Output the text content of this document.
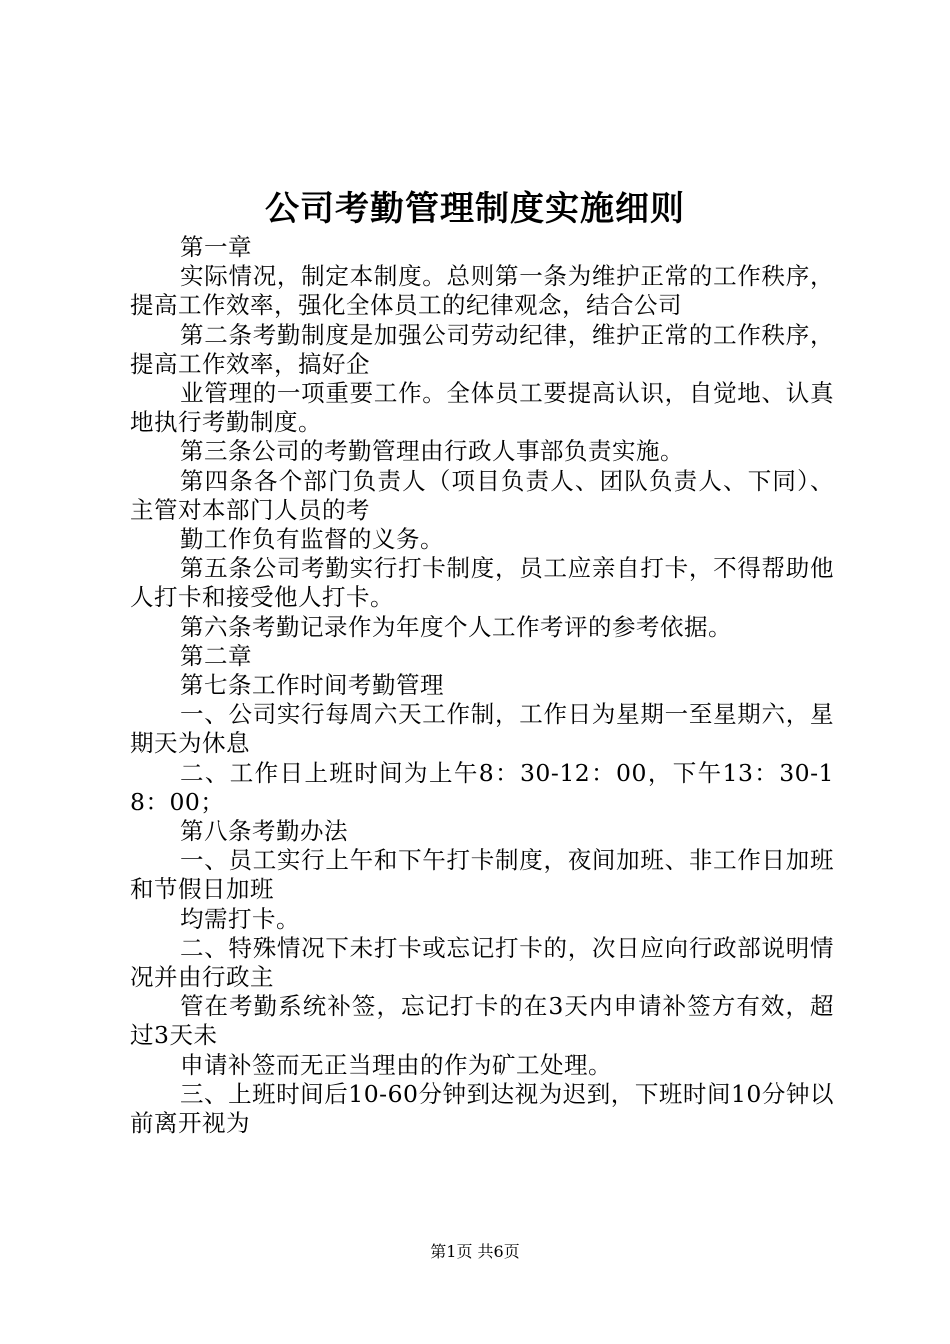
公司考勤管理制度实施细则

第一章

实际情况，制定本制度。总则第一条为维护正常的工作秩序，提高工作效率，强化全体员工的纪律观念，结合公司

第二条考勤制度是加强公司劳动纪律，维护正常的工作秩序，提高工作效率，搞好企

业管理的一项重要工作。全体员工要提高认识，自觉地、认真地执行考勤制度。

第三条公司的考勤管理由行政人事部负责实施。

第四条各个部门负责人（项目负责人、团队负责人、下同）、主管对本部门人员的考

勤工作负有监督的义务。

第五条公司考勤实行打卡制度，员工应亲自打卡，不得帮助他人打卡和接受他人打卡。

第六条考勤记录作为年度个人工作考评的参考依据。

第二章

第七条工作时间考勤管理

一、公司实行每周六天工作制，工作日为星期一至星期六，星期天为休息

二、工作日上班时间为上午8：30-12：00，下午13：30-18：00；

第八条考勤办法

一、员工实行上午和下午打卡制度，夜间加班、非工作日加班和节假日加班

均需打卡。

二、特殊情况下未打卡或忘记打卡的，次日应向行政部说明情况并由行政主

管在考勤系统补签，忘记打卡的在3天内申请补签方有效，超过3天未

申请补签而无正当理由的作为矿工处理。

三、上班时间后10-60分钟到达视为迟到，下班时间10分钟以前离开视为

第1页 共6页
